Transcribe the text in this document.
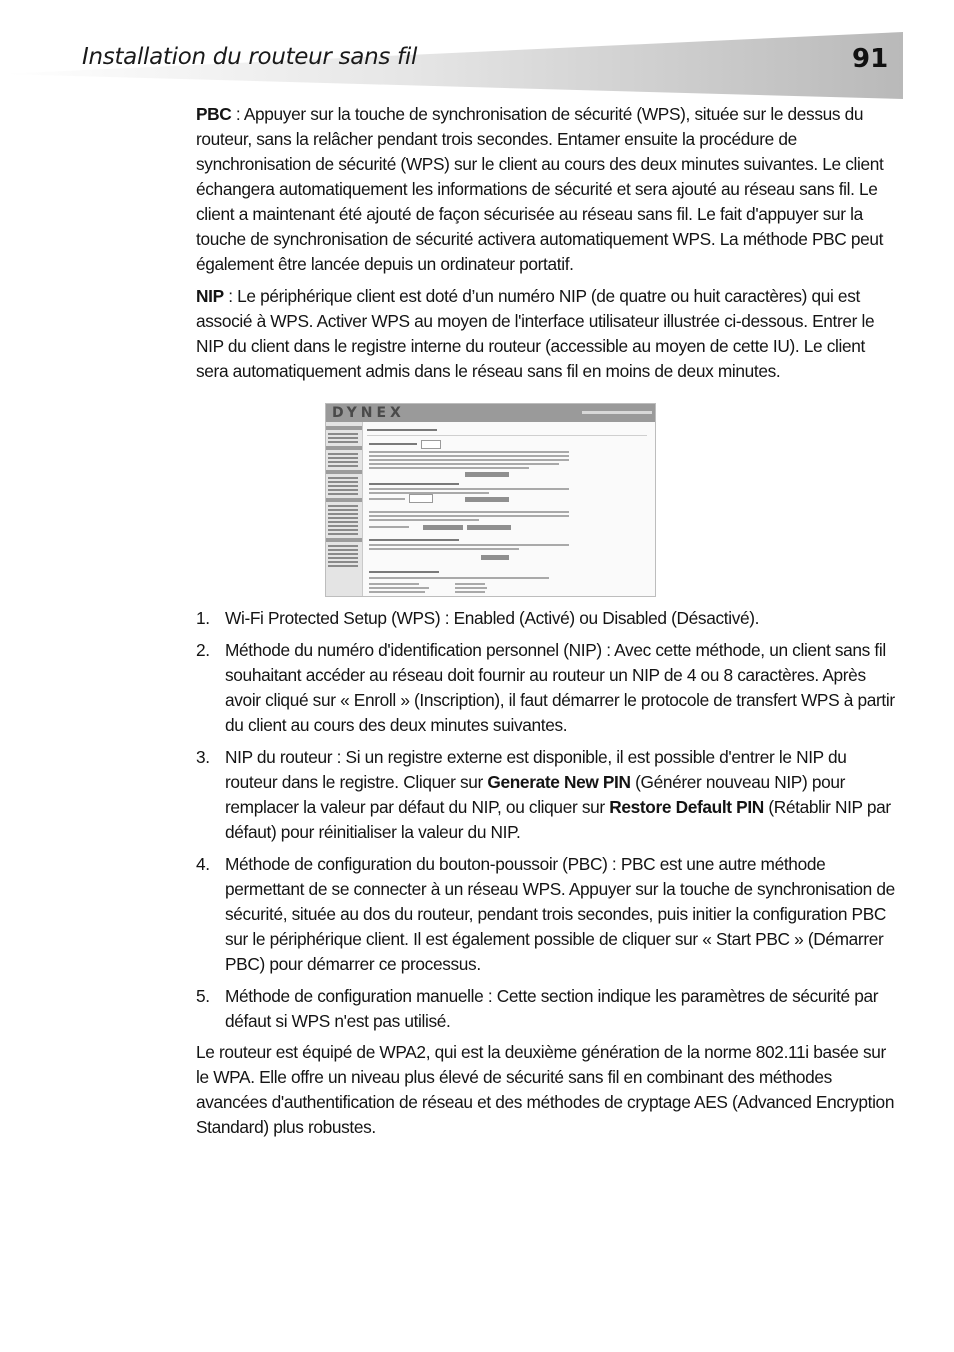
Installation du routeur sans fil	91

PBC : Appuyer sur la touche de synchronisation de sécurité (WPS), située sur le dessus du routeur, sans la relâcher pendant trois secondes. Entamer ensuite la procédure de synchronisation de sécurité (WPS) sur le client au cours des deux minutes suivantes. Le client échangera automatiquement les informations de sécurité et sera ajouté au réseau sans fil. Le client a maintenant été ajouté de façon sécurisée au réseau sans fil. Le fait d'appuyer sur la touche de synchronisation de sécurité activera automatiquement WPS. La méthode PBC peut également être lancée depuis un ordinateur portatif.

NIP : Le périphérique client est doté d’un numéro NIP (de quatre ou huit caractères) qui est associé à WPS. Activer WPS au moyen de l'interface utilisateur illustrée ci-dessous. Entrer le NIP du client dans le registre interne du routeur (accessible au moyen de cette IU). Le client sera automatiquement admis dans le réseau sans fil en moins de deux minutes.

DYNEX
1. Wi-Fi Protected Setup (WPS) : Enabled (Activé) ou Disabled (Désactivé).
2. Méthode du numéro d'identification personnel (NIP) : Avec cette méthode, un client sans fil souhaitant accéder au réseau doit fournir au routeur un NIP de 4 ou 8 caractères. Après avoir cliqué sur « Enroll » (Inscription), il faut démarrer le protocole de transfert WPS à partir du client au cours des deux minutes suivantes.
3. NIP du routeur : Si un registre externe est disponible, il est possible d'entrer le NIP du routeur dans le registre. Cliquer sur Generate New PIN (Générer nouveau NIP) pour remplacer la valeur par défaut du NIP, ou cliquer sur Restore Default PIN (Rétablir NIP par défaut) pour réinitialiser la valeur du NIP.
4. Méthode de configuration du bouton-poussoir (PBC) : PBC est une autre méthode permettant de se connecter à un réseau WPS. Appuyer sur la touche de synchronisation de sécurité, située au dos du routeur, pendant trois secondes, puis initier la configuration PBC sur le périphérique client. Il est également possible de cliquer sur « Start PBC » (Démarrer PBC) pour démarrer ce processus.
5. Méthode de configuration manuelle : Cette section indique les paramètres de sécurité par défaut si WPS n'est pas utilisé.

Le routeur est équipé de WPA2, qui est la deuxième génération de la norme 802.11i basée sur le WPA. Elle offre un niveau plus élevé de sécurité sans fil en combinant des méthodes avancées d'authentification de réseau et des méthodes de cryptage AES (Advanced Encryption Standard) plus robustes.
